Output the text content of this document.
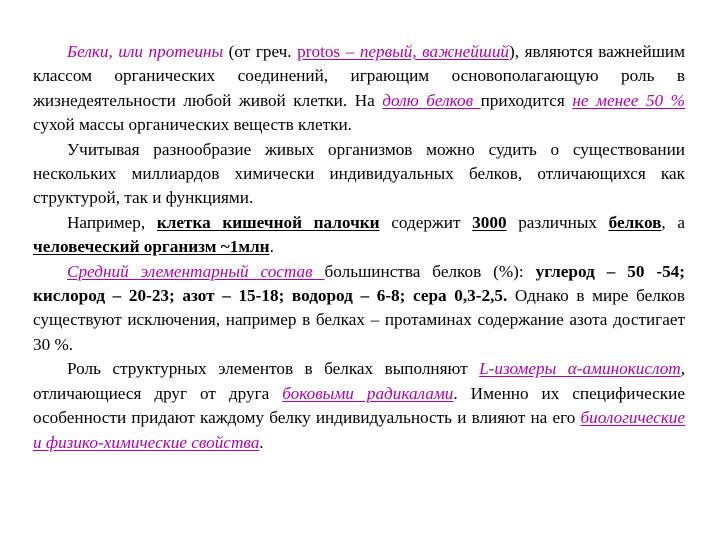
Белки, или протеины (от греч. protos – первый, важнейший), являются важнейшим классом органических соединений, играющим основополагающую роль в жизнедеятельности любой живой клетки. На долю белков приходится не менее 50 % сухой массы органических веществ клетки.

Учитывая разнообразие живых организмов можно судить о существовании нескольких миллиардов химически индивидуальных белков, отличающихся как структурой, так и функциями.

Например, клетка кишечной палочки содержит 3000 различных белков, а человеческий организм ~1млн.

Средний элементарный состав большинства белков (%): углерод – 50 -54; кислород – 20-23; азот – 15-18; водород – 6-8; сера 0,3-2,5. Однако в мире белков существуют исключения, например в белках – протаминах содержание азота достигает 30 %.

Роль структурных элементов в белках выполняют L-изомеры α-аминокислот, отличающиеся друг от друга боковыми радикалами. Именно их специфические особенности придают каждому белку индивидуальность и влияют на его биологические и физико-химические свойства.
